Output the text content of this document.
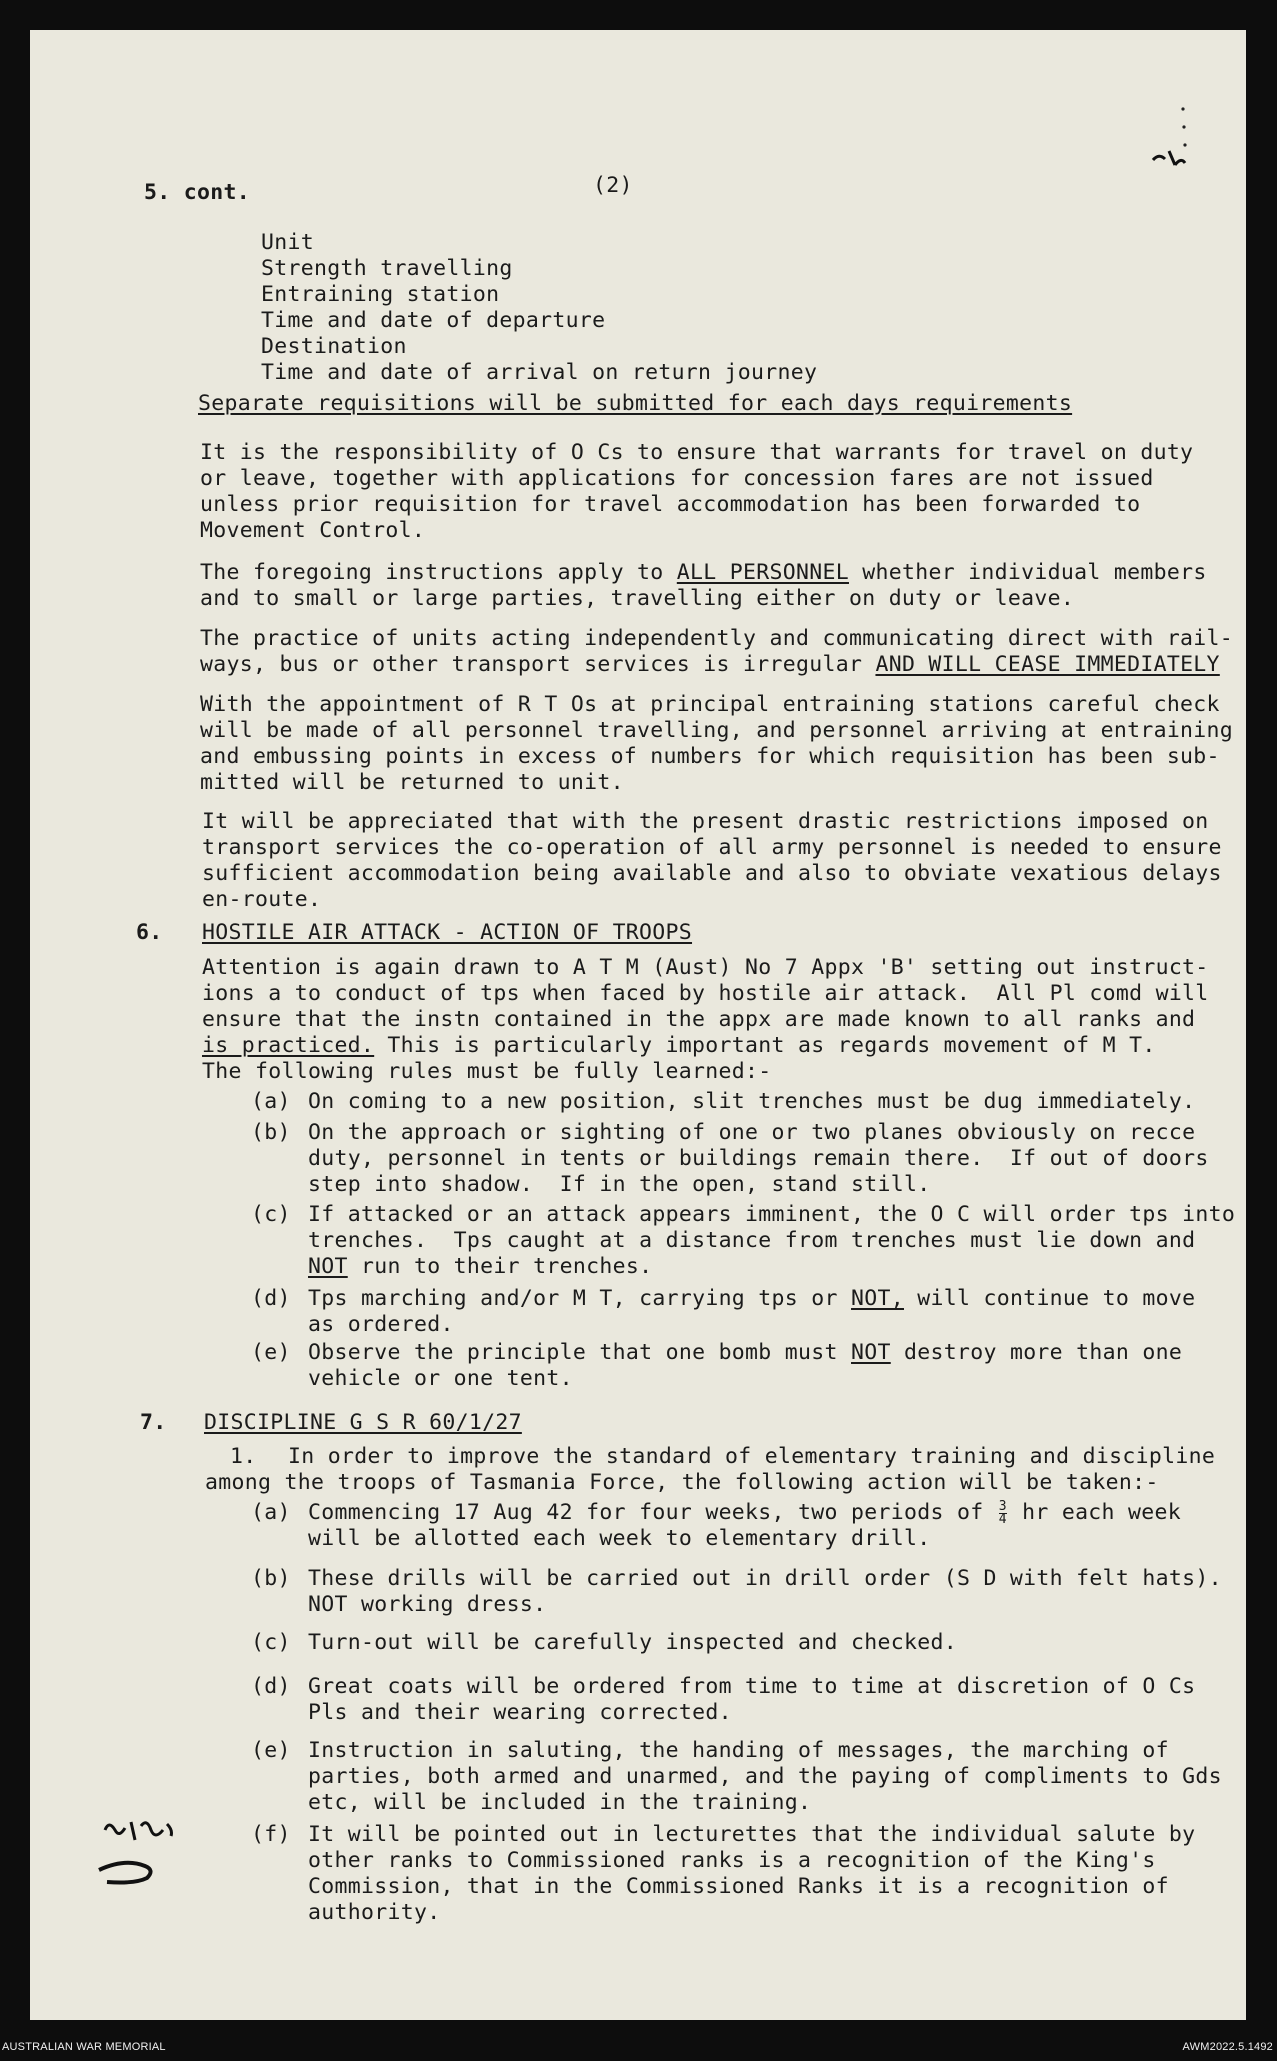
5. cont.	(2)
Unit
Strength travelling
Entraining station
Time and date of departure
Destination
Time and date of arrival on return journey
Separate requisitions will be submitted for each days requirements
It is the responsibility of O Cs to ensure that warrants for travel on duty
or leave, together with applications for concession fares are not issued
unless prior requisition for travel accommodation has been forwarded to
Movement Control.
The foregoing instructions apply to ALL PERSONNEL whether individual members
and to small or large parties, travelling either on duty or leave.
The practice of units acting independently and communicating direct with rail-
ways, bus or other transport services is irregular AND WILL CEASE IMMEDIATELY
With the appointment of R T Os at principal entraining stations careful check
will be made of all personnel travelling, and personnel arriving at entraining
and embussing points in excess of numbers for which requisition has been sub-
mitted will be returned to unit.
It will be appreciated that with the present drastic restrictions imposed on
transport services the co-operation of all army personnel is needed to ensure
sufficient accommodation being available and also to obviate vexatious delays
en-route.
6. HOSTILE AIR ATTACK - ACTION OF TROOPS
Attention is again drawn to A T M (Aust) No 7 Appx 'B' setting out instruct-
ions a to conduct of tps when faced by hostile air attack.  All Pl comd will
ensure that the instn contained in the appx are made known to all ranks and
is practiced. This is particularly important as regards movement of M T.
The following rules must be fully learned:-
(a) On coming to a new position, slit trenches must be dug immediately.
(b) On the approach or sighting of one or two planes obviously on recce
duty, personnel in tents or buildings remain there.  If out of doors
step into shadow.  If in the open, stand still.
(c) If attacked or an attack appears imminent, the O C will order tps into
trenches.  Tps caught at a distance from trenches must lie down and
NOT run to their trenches.
(d) Tps marching and/or M T, carrying tps or NOT, will continue to move
as ordered.
(e) Observe the principle that one bomb must NOT destroy more than one
vehicle or one tent.
7. DISCIPLINE G S R 60/1/27
1.	In order to improve the standard of elementary training and discipline
among the troops of Tasmania Force, the following action will be taken:-
(a) Commencing 17 Aug 42 for four weeks, two periods of $\frac{3}{4}$ hr each week
will be allotted each week to elementary drill.
(b) These drills will be carried out in drill order (S D with felt hats).
NOT working dress.
(c) Turn-out will be carefully inspected and checked.
(d) Great coats will be ordered from time to time at discretion of O Cs
Pls and their wearing corrected.
(e) Instruction in saluting, the handing of messages, the marching of
parties, both armed and unarmed, and the paying of compliments to Gds
etc, will be included in the training.
(f) It will be pointed out in lecturettes that the individual salute by
other ranks to Commissioned ranks is a recognition of the King's
Commission, that in the Commissioned Ranks it is a recognition of
authority.
AUSTRALIAN WAR MEMORIAL	AWM2022.5.1492
